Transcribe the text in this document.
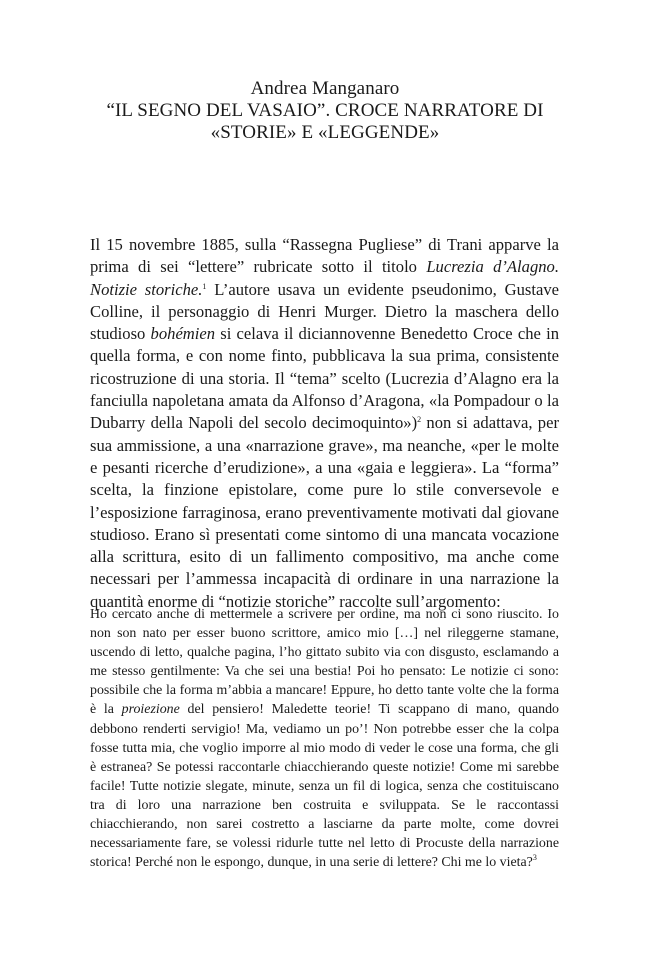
Andrea Manganaro
“IL SEGNO DEL VASAIO”. CROCE NARRATORE DI
«STORIE» E «LEGGENDE»

Il 15 novembre 1885, sulla “Rassegna Pugliese” di Trani apparve la prima di sei “lettere” rubricate sotto il titolo Lucrezia d’Alagno. Notizie storiche.$^1$ L’autore usava un evidente pseudonimo, Gustave Colline, il personaggio di Henri Murger. Dietro la maschera dello studioso bohémien si celava il diciannovenne Benedetto Croce che in quella forma, e con nome finto, pubblicava la sua prima, consistente ricostruzione di una storia. Il “tema” scelto (Lucrezia d’Alagno era la fanciulla napoletana amata da Alfonso d’Aragona, «la Pompadour o la Dubarry della Napoli del secolo decimoquinto»)$^2$ non si adattava, per sua ammissione, a una «narrazione grave», ma neanche, «per le molte e pesanti ricerche d’erudizione», a una «gaia e leggiera». La “forma” scelta, la finzione epistolare, come pure lo stile conversevole e l’esposizione farraginosa, erano preventivamente motivati dal giovane studioso. Erano sì presentati come sintomo di una mancata vocazione alla scrittura, esito di un fallimento compositivo, ma anche come necessari per l’ammessa incapacità di ordinare in una narrazione la quantità enorme di “notizie storiche” raccolte sull’argomento:

Ho cercato anche di mettermele a scrivere per ordine, ma non ci sono riuscito. Io non son nato per esser buono scrittore, amico mio […] nel rileggerne stamane, uscendo di letto, qualche pagina, l’ho gittato subito via con disgusto, esclamando a me stesso gentilmente: Va che sei una bestia! Poi ho pensato: Le notizie ci sono: possibile che la forma m’abbia a mancare! Eppure, ho detto tante volte che la forma è la proiezione del pensiero! Maledette teorie! Ti scappano di mano, quando debbono renderti servigio! Ma, vediamo un po’! Non potrebbe esser che la colpa fosse tutta mia, che voglio imporre al mio modo di veder le cose una forma, che gli è estranea? Se potessi raccontarle chiacchierando queste notizie! Come mi sarebbe facile! Tutte notizie slegate, minute, senza un fil di logica, senza che costituiscano tra di loro una narrazione ben costruita e sviluppata. Se le raccontassi chiacchierando, non sarei costretto a lasciarne da parte molte, come dovrei necessariamente fare, se volessi ridurle tutte nel letto di Procuste della narrazione storica! Perché non le espongo, dunque, in una serie di lettere? Chi me lo vieta?$^3$
